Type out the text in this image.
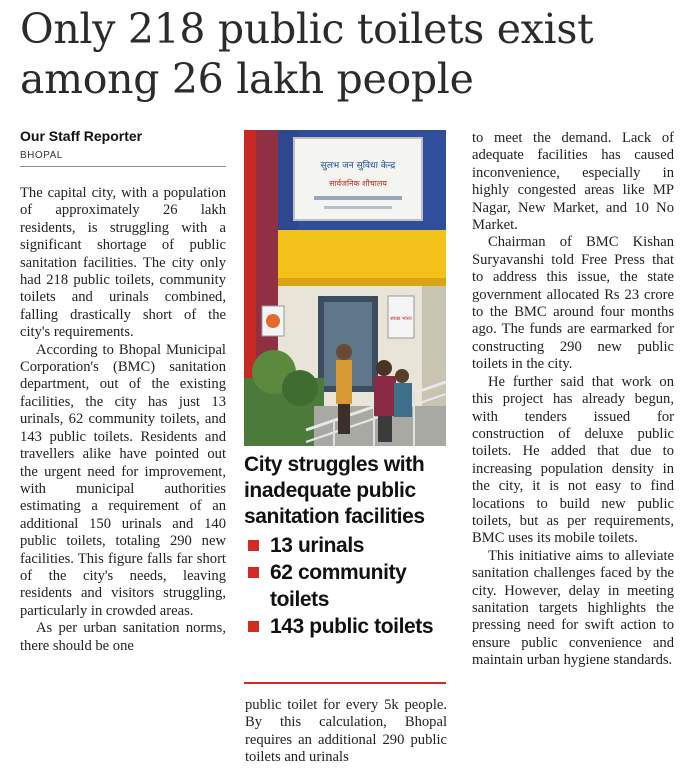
Only 218 public toilets exist among 26 lakh people
Our Staff Reporter
BHOPAL

The capital city, with a population of approximately 26 lakh residents, is struggling with a significant shortage of public sanitation facilities. The city only had 218 public toilets, community toilets and urinals combined, falling drastically short of the city's requirements.

According to Bhopal Municipal Corporation's (BMC) sanitation department, out of the existing facilities, the city has just 13 urinals, 62 community toilets, and 143 public toilets. Residents and travellers alike have pointed out the urgent need for improvement, with municipal authorities estimating a requirement of an additional 150 urinals and 140 public toilets, totaling 290 new facilities. This figure falls far short of the city's needs, leaving residents and visitors struggling, particularly in crowded areas.

As per urban sanitation norms, there should be one

सुलभ जन सुविधा केन्द्र
सार्वजनिक शौचालय
स्वच्छ भारत
City struggles with inadequate public sanitation facilities
13 urinals
62 community toilets
143 public toilets

public toilet for every 5k people. By this calculation, Bhopal requires an additional 290 public toilets and urinals

to meet the demand. Lack of adequate facilities has caused inconvenience, especially in highly congested areas like MP Nagar, New Market, and 10 No Market.

Chairman of BMC Kishan Suryavanshi told Free Press that to address this issue, the state government allocated Rs 23 crore to the BMC around four months ago. The funds are earmarked for constructing 290 new public toilets in the city.

He further said that work on this project has already begun, with tenders issued for construction of deluxe public toilets. He added that due to increasing population density in the city, it is not easy to find locations to build new public toilets, but as per requirements, BMC uses its mobile toilets.

This initiative aims to alleviate sanitation challenges faced by the city. However, delay in meeting sanitation targets highlights the pressing need for swift action to ensure public convenience and maintain urban hygiene standards.
